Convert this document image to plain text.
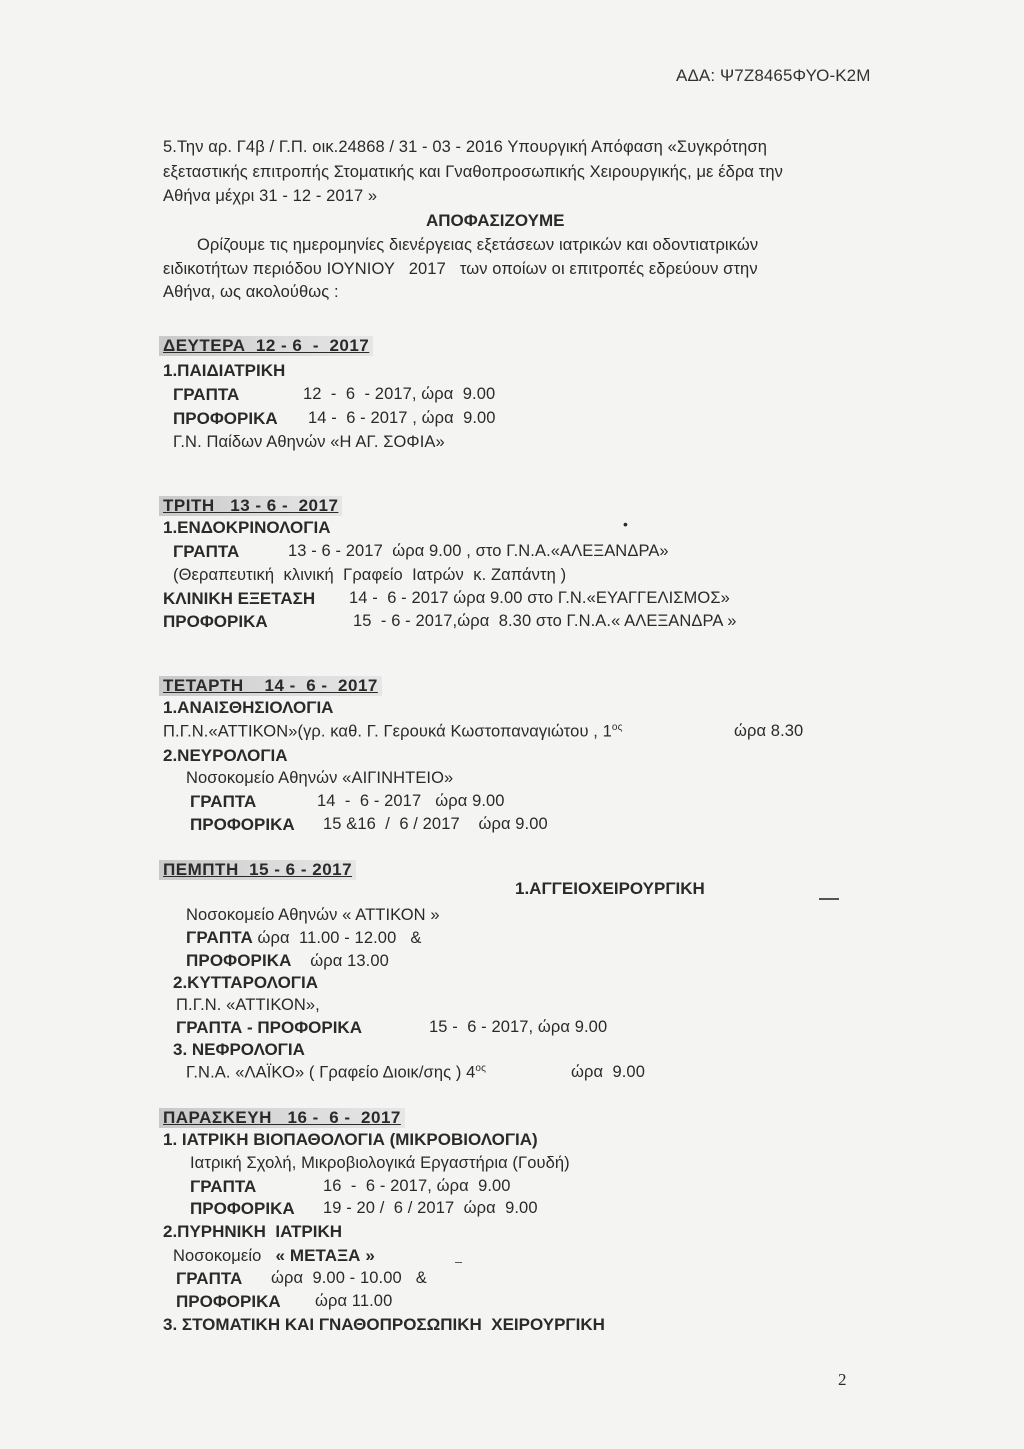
ΑΔΑ: Ψ7Ζ8465ΦΥΟ-Κ2Μ
5.Την αρ. Γ4β / Γ.Π. οικ.24868 / 31 - 03 - 2016 Υπουργική Απόφαση «Συγκρότηση
εξεταστικής επιτροπής Στοματικής και Γναθοπροσωπικής Χειρουργικής, με έδρα την
Αθήνα μέχρι 31 - 12 - 2017 »
ΑΠΟΦΑΣΙΖΟΥΜΕ
Ορίζουμε τις ημερομηνίες διενέργειας εξετάσεων ιατρικών και οδοντιατρικών
ειδικοτήτων περιόδου ΙΟΥΝΙΟΥ   2017   των οποίων οι επιτροπές εδρεύουν στην
Αθήνα, ως ακολούθως :
ΔΕΥΤΕΡΑ  12 - 6  -  2017
1.ΠΑΙΔΙΑΤΡΙΚΗ
ΓΡΑΠΤΑ	12  -  6  - 2017, ώρα  9.00
ΠΡΟΦΟΡΙΚΑ 14 -  6 - 2017 , ώρα  9.00
Γ.Ν. Παίδων Αθηνών «Η ΑΓ. ΣΟΦΙΑ»
ΤΡΙΤΗ   13 - 6 -  2017
1.ΕΝΔΟΚΡΙΝΟΛΟΓΙΑ	•
ΓΡΑΠΤΑ	13 - 6 - 2017  ώρα 9.00 , στο Γ.Ν.Α.«ΑΛΕΞΑΝΔΡΑ»
(Θεραπευτική  κλινική  Γραφείο  Ιατρών  κ. Ζαπάντη )
ΚΛΙΝΙΚΗ ΕΞΕΤΑΣΗ 14 -  6 - 2017 ώρα 9.00 στο Γ.Ν.«ΕΥΑΓΓΕΛΙΣΜΟΣ»
ΠΡΟΦΟΡΙΚΑ	15  - 6 - 2017,ώρα  8.30 στο Γ.Ν.Α.« ΑΛΕΞΑΝΔΡΑ »
ΤΕΤΑΡΤΗ    14 -  6 -  2017
1.ΑΝΑΙΣΘΗΣΙΟΛΟΓΙΑ
Π.Γ.Ν.«ΑΤΤΙΚΟΝ»(γρ. καθ. Γ. Γερουκά Κωστοπαναγιώτου , $1^{o\varsigma}$	ώρα 8.30
2.ΝΕΥΡΟΛΟΓΙΑ
Νοσοκομείο Αθηνών «ΑΙΓΙΝΗΤΕΙΟ»
ΓΡΑΠΤΑ	14  -  6 - 2017   ώρα 9.00
ΠΡΟΦΟΡΙΚΑ 15 &16  /  6 / 2017    ώρα 9.00
ΠΕΜΠΤΗ  15 - 6 - 2017
1.ΑΓΓΕΙΟΧΕΙΡΟΥΡΓΙΚΗ
Νοσοκομείο Αθηνών « ΑΤΤΙΚΟΝ »
ΓΡΑΠΤΑ ώρα  11.00 - 12.00   &
ΠΡΟΦΟΡΙΚΑ ώρα 13.00
2.ΚΥΤΤΑΡΟΛΟΓΙΑ
Π.Γ.Ν. «ΑΤΤΙΚΟΝ»,
ΓΡΑΠΤΑ - ΠΡΟΦΟΡΙΚΑ	15 -  6 - 2017, ώρα 9.00
3. ΝΕΦΡΟΛΟΓΙΑ
Γ.Ν.Α. «ΛΑΪΚΟ» ( Γραφείο Διοικ/σης ) $4^{o\varsigma}$	ώρα  9.00
ΠΑΡΑΣΚΕΥΗ   16 -  6 -  2017
1. ΙΑΤΡΙΚΗ ΒΙΟΠΑΘΟΛΟΓΙΑ (ΜΙΚΡΟΒΙΟΛΟΓΙΑ)
Ιατρική Σχολή, Μικροβιολογικά Εργαστήρια (Γουδή)
ΓΡΑΠΤΑ	16  -  6 - 2017, ώρα  9.00
ΠΡΟΦΟΡΙΚΑ 19 - 20 /  6 / 2017  ώρα  9.00
2.ΠΥΡΗΝΙΚΗ  ΙΑΤΡΙΚΗ
Νοσοκομείο « ΜΕΤΑΞΑ »
ΓΡΑΠΤΑ ώρα  9.00 - 10.00   &
ΠΡΟΦΟΡΙΚΑ ώρα 11.00
3. ΣΤΟΜΑΤΙΚΗ ΚΑΙ ΓΝΑΘΟΠΡΟΣΩΠΙΚΗ  ΧΕΙΡΟΥΡΓΙΚΗ
2
